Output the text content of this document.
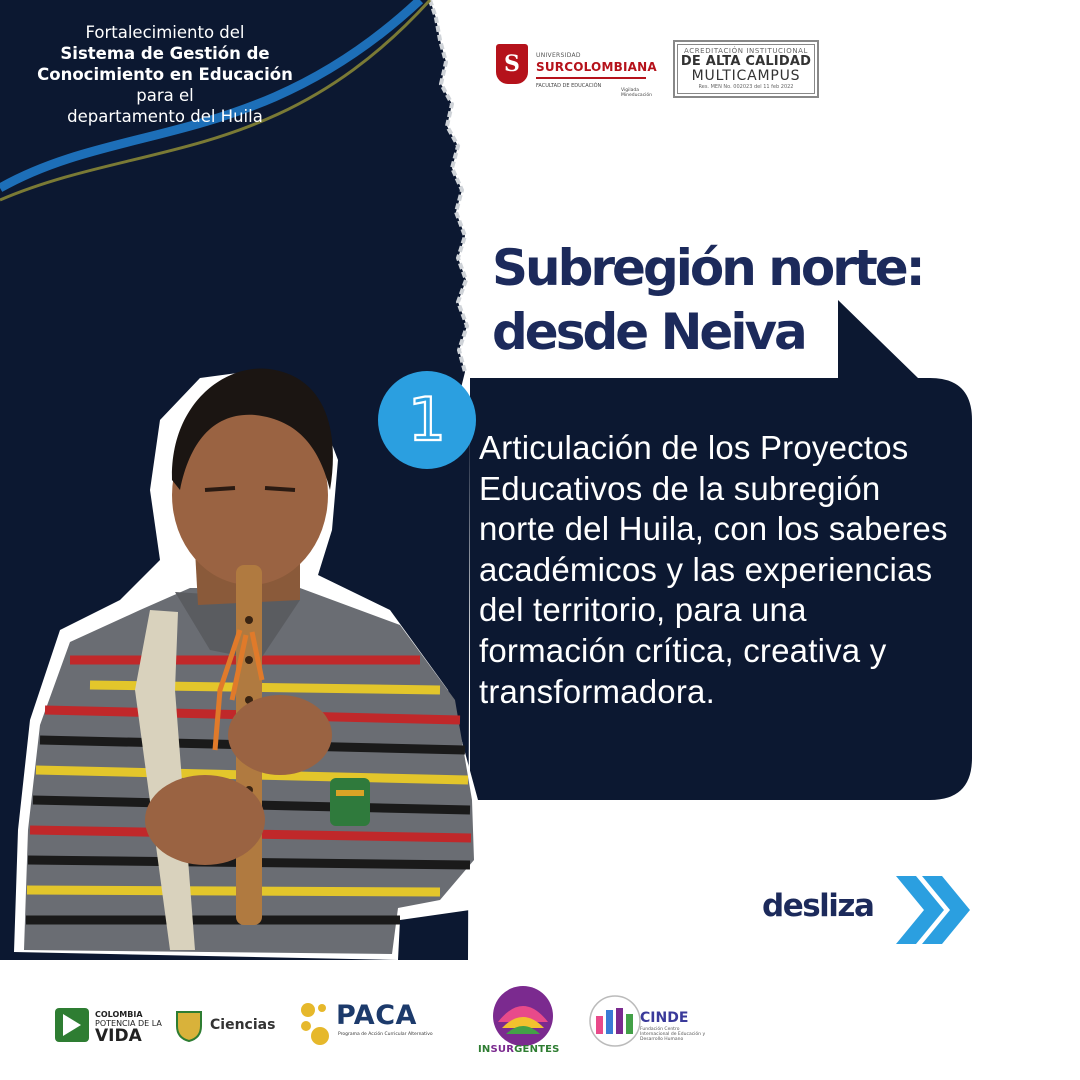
Fortalecimiento del
Sistema de Gestión de Conocimiento en Educación para el
departamento del Huila
S	UNIVERSIDAD
SURCOLOMBIANA
FACULTAD DE EDUCACIÓN
Vigilada Mineducación
ACREDITACIÓN INSTITUCIONAL
DE ALTA CALIDAD
MULTICAMPUS
Res. MEN No. 002023 del 11 feb 2022
Subregión norte:
desde Neiva
1 Articulación de los Proyectos Educativos de la subregión norte del Huila, con los saberes académicos y las experiencias del territorio, para una formación crítica, creativa y transformadora.

desliza
COLOMBIA
POTENCIA DE LA
VIDA
Ciencias PACA
Programa de Acción Curricular Alternativo
INSURGENTES
CINDE
Fundación Centro Internacional de Educación y Desarrollo Humano
